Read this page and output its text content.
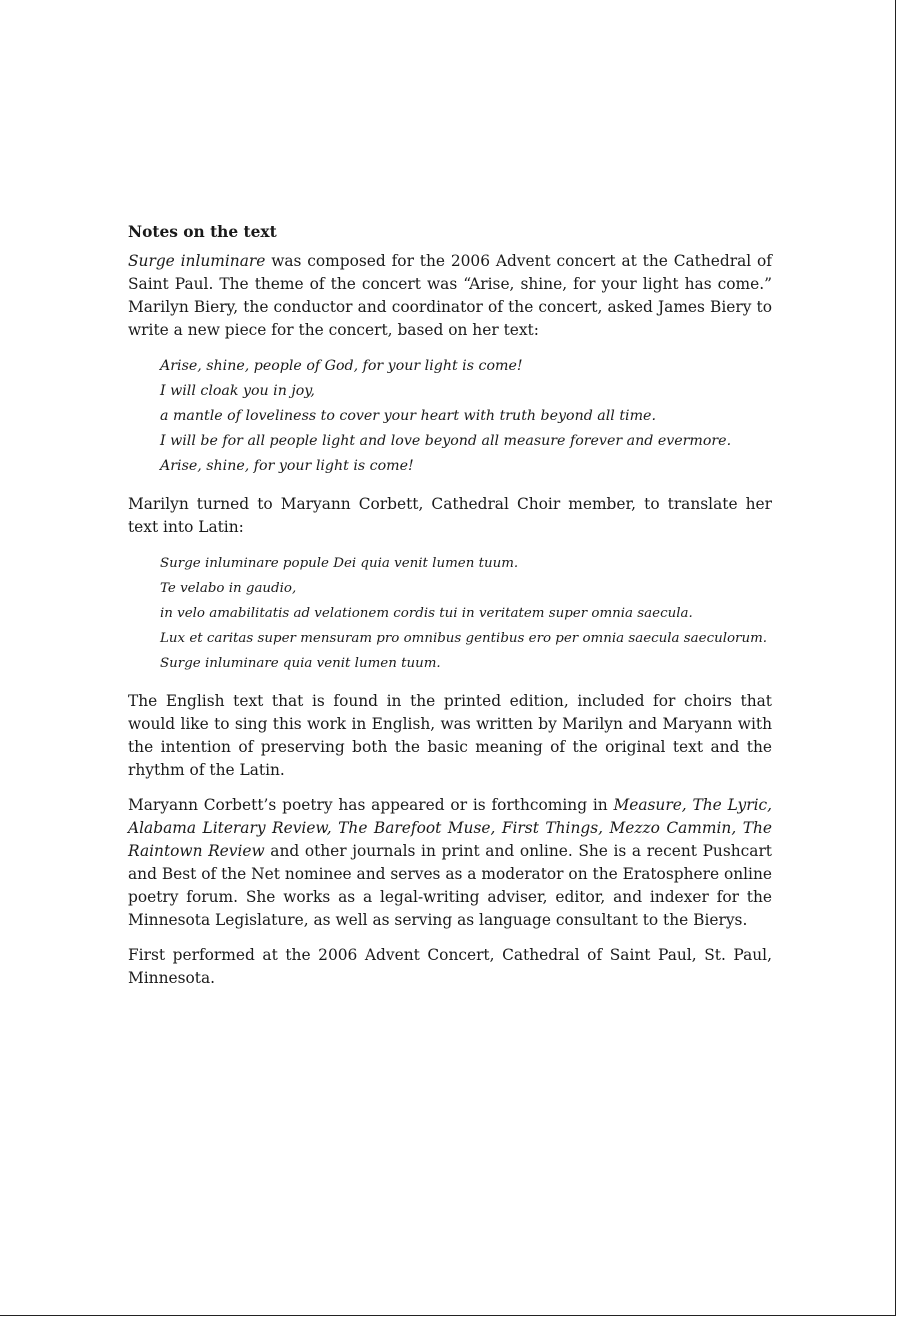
Notes on the text

Surge inluminare was composed for the 2006 Advent concert at the Cathedral of Saint Paul. The theme of the concert was “Arise, shine, for your light has come.” Marilyn Biery, the conductor and coordinator of the concert, asked James Biery to write a new piece for the concert, based on her text:

Arise, shine, people of God, for your light is come!
I will cloak you in joy,
a mantle of loveliness to cover your heart with truth beyond all time.
I will be for all people light and love beyond all measure forever and evermore.
Arise, shine, for your light is come!

Marilyn turned to Maryann Corbett, Cathedral Choir member, to translate her text into Latin:

Surge inluminare popule Dei quia venit lumen tuum.
Te velabo in gaudio,
in velo amabilitatis ad velationem cordis tui in veritatem super omnia saecula.
Lux et caritas super mensuram pro omnibus gentibus ero per omnia saecula saeculorum.
Surge inluminare quia venit lumen tuum.

The English text that is found in the printed edition, included for choirs that would like to sing this work in English, was written by Marilyn and Maryann with the intention of preserving both the basic meaning of the original text and the rhythm of the Latin.

Maryann Corbett’s poetry has appeared or is forthcoming in Measure, The Lyric, Alabama Literary Review, The Barefoot Muse, First Things, Mezzo Cammin, The Raintown Review and other journals in print and online. She is a recent Pushcart and Best of the Net nominee and serves as a moderator on the Eratosphere online poetry forum. She works as a legal-writing adviser, editor, and indexer for the Minnesota Legislature, as well as serving as language consultant to the Bierys.

First performed at the 2006 Advent Concert, Cathedral of Saint Paul, St. Paul, Minnesota.
